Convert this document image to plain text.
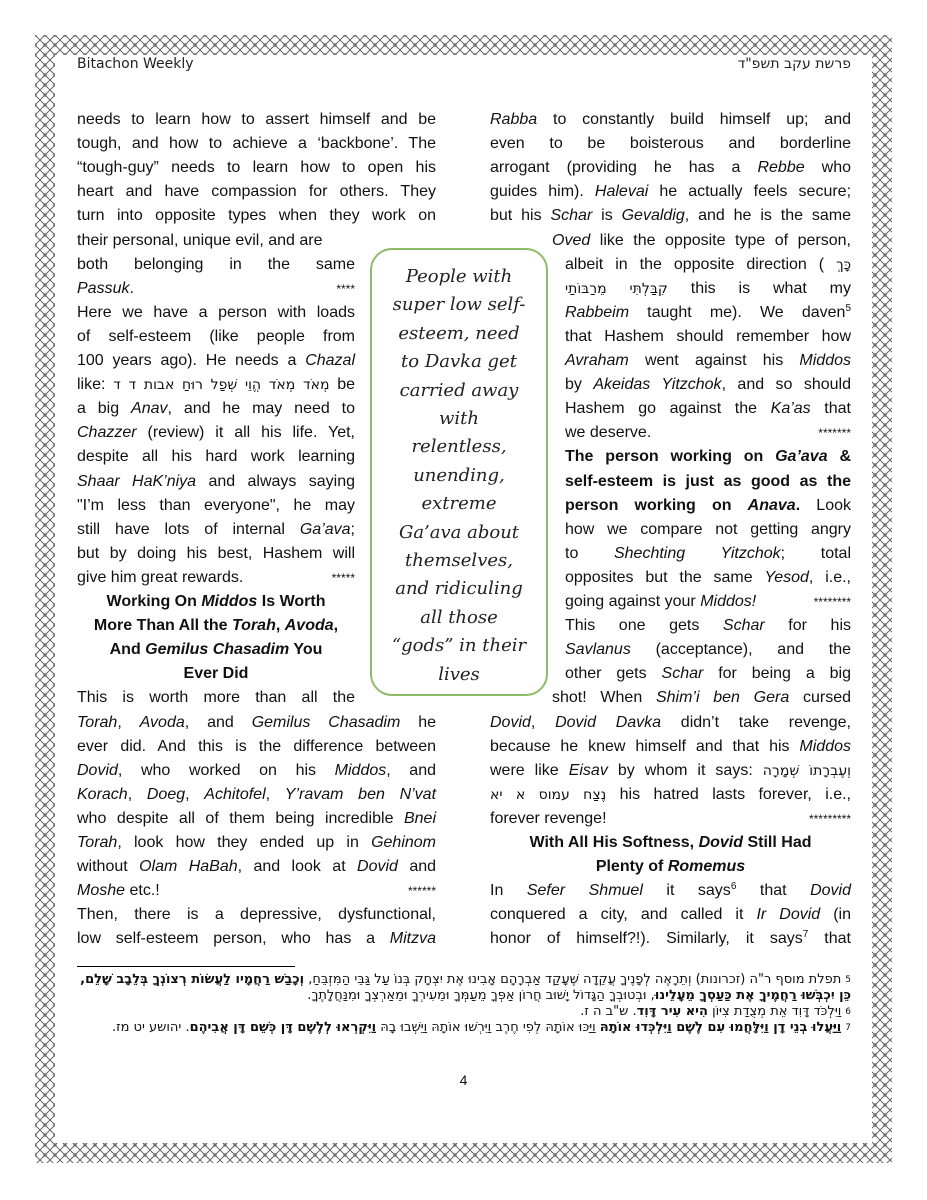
Bitachon Weekly	פרשת עקב תשפ"ד
needs to learn how to assert himself and be
tough, and how to achieve a ‘backbone’. The
“tough-guy” needs to learn how to open his
heart and have compassion for others. They
turn into opposite types when they work on
their personal, unique evil, and are
both belonging in the same
****
Passuk.
Here we have a person with loads
of self-esteem (like people from
100 years ago). He needs a Chazal
like: מְאֹד מְאֹד הֱוֵי שְׁפַל רוּחַ אבות ד ד be
a big Anav, and he may need to
Chazzer (review) it all his life. Yet,
despite all his hard work learning
Shaar HaK’niya and always saying
"I’m less than everyone", he may
still have lots of internal Ga’ava;
but by doing his best, Hashem will
*****
give him great rewards.
Working On Middos Is Worth
More Than All the Torah, Avoda,
And Gemilus Chasadim You
Ever Did
This is worth more than all the
Torah, Avoda, and Gemilus Chasadim he
ever did. And this is the difference between
Dovid, who worked on his Middos, and
Korach, Doeg, Achitofel, Y’ravam ben N’vat
who despite all of them being incredible Bnei
Torah, look how they ended up in Gehinom
without Olam HaBah, and look at Dovid and
******
Moshe etc.!
Then, there is a depressive, dysfunctional,
low self-esteem person, who has a Mitzva
Rabba to constantly build himself up; and
even to be boisterous and borderline
arrogant (providing he has a Rebbe who
guides him). Halevai he actually feels secure;
but his Schar is Gevaldig, and he is the same
Oved like the opposite type of person,
albeit in the opposite direction ( כָּךְ
קִבַּלְתִּי מֵרַבּוֹתַי this is what my
Rabbeim taught me). We daven$^5$
that Hashem should remember how
Avraham went against his Middos
by Akeidas Yitzchok, and so should
Hashem go against the Ka’as that
*******
we deserve.
The person working on Ga’ava &
self-esteem is just as good as the
person working on Anava. Look
how we compare not getting angry
to Shechting Yitzchok; total
opposites but the same Yesod, i.e.,
********
going against your Middos!
This one gets Schar for his
Savlanus (acceptance), and the
other gets Schar for being a big
shot! When Shim’i ben Gera cursed
Dovid, Dovid Davka didn’t take revenge,
because he knew himself and that his Middos
were like Eisav by whom it says: וְעֶבְרָתוֹ שְׁמָרָה
נֶצַח עמוס א יא his hatred lasts forever, i.e.,
*********
forever revenge!
With All His Softness, Dovid Still Had
Plenty of Romemus
In Sefer Shmuel it says$^6$ that Dovid
conquered a city, and called it Ir Dovid (in
honor of himself?!). Similarly, it says$^7$ that
People with
super low self-
esteem, need
to Davka get
carried away
with
relentless,
unending,
extreme
Ga’ava about
themselves,
and ridiculing
all those
“gods” in their
lives

$^5$תפלת מוסף ר"ה (זכרונות) וְתֵרָאֶה לְפָנֶיךָ עֲקֵדָה שֶׁעָקַד אַבְרָהָם אָבִינוּ אֶת יִצְחָק בְּנוֹ עַל גַּבֵּי הַמִּזְבֵּחַ, וְכָבַשׁ רַחֲמָיו לַעֲשׂוֹת רְצוֹנְךָ בְּלֵבָב שָׁלֵם, כֵּן יִכְבְּשׁוּ רַחֲמֶיךָ אֶת כַּעַסְךָ מֵעָלֵינוּ, וּבְטוּבְךָ הַגָּדוֹל יָשׁוּב חֲרוֹן אַפְּךָ מֵעַמְּךָ וּמֵעִירְךָ וּמֵאַרְצְךָ וּמִנַּחֲלָתֶךָ.

$^6$וַיִּלְכֹּד דָּוִד אֵת מְצֻדַת צִיּוֹן הִיא עִיר דָּוִד. ש"ב ה ז.

$^7$וַיַּעֲלוּ בְנֵי דָן וַיִּלָּחֲמוּ עִם לֶשֶׁם וַיִּלְכְּדוּ אוֹתָהּ וַיַּכּוּ אוֹתָהּ לְפִי חֶרֶב וַיִּרְשׁוּ אוֹתָהּ וַיֵּשְׁבוּ בָהּ וַיִּקְרְאוּ לְלֶשֶׁם דָּן כְּשֵׁם דָּן אֲבִיהֶם. יהושע יט מז.

4
